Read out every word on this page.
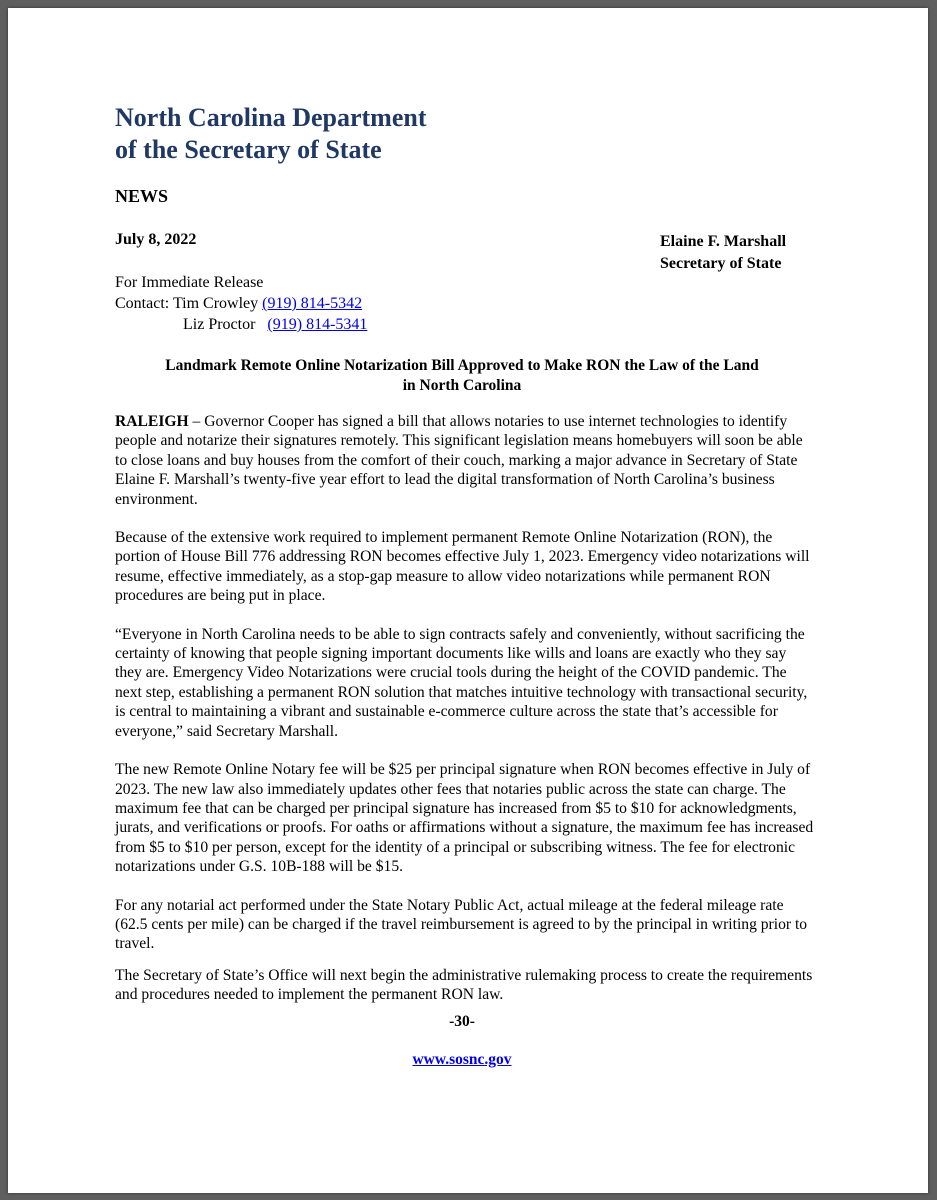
North Carolina Department
of the Secretary of State
NEWS
July 8, 2022	Elaine F. Marshall
Secretary of State
For Immediate Release
Contact: Tim Crowley (919) 814-5342
Liz Proctor (919) 814-5341
Landmark Remote Online Notarization Bill Approved to Make RON the Law of the Land
in North Carolina

RALEIGH – Governor Cooper has signed a bill that allows notaries to use internet technologies to identify people and notarize their signatures remotely. This significant legislation means homebuyers will soon be able to close loans and buy houses from the comfort of their couch, marking a major advance in Secretary of State Elaine F. Marshall’s twenty-five year effort to lead the digital transformation of North Carolina’s business environment.

Because of the extensive work required to implement permanent Remote Online Notarization (RON), the portion of House Bill 776 addressing RON becomes effective July 1, 2023. Emergency video notarizations will resume, effective immediately, as a stop-gap measure to allow video notarizations while permanent RON procedures are being put in place.

“Everyone in North Carolina needs to be able to sign contracts safely and conveniently, without sacrificing the certainty of knowing that people signing important documents like wills and loans are exactly who they say they are. Emergency Video Notarizations were crucial tools during the height of the COVID pandemic. The next step, establishing a permanent RON solution that matches intuitive technology with transactional security, is central to maintaining a vibrant and sustainable e-commerce culture across the state that’s accessible for everyone,” said Secretary Marshall.

The new Remote Online Notary fee will be $25 per principal signature when RON becomes effective in July of 2023. The new law also immediately updates other fees that notaries public across the state can charge. The maximum fee that can be charged per principal signature has increased from $5 to $10 for acknowledgments, jurats, and verifications or proofs. For oaths or affirmations without a signature, the maximum fee has increased from $5 to $10 per person, except for the identity of a principal or subscribing witness. The fee for electronic notarizations under G.S. 10B-188 will be $15.

For any notarial act performed under the State Notary Public Act, actual mileage at the federal mileage rate (62.5 cents per mile) can be charged if the travel reimbursement is agreed to by the principal in writing prior to travel.

The Secretary of State’s Office will next begin the administrative rulemaking process to create the requirements and procedures needed to implement the permanent RON law.

-30-
www.sosnc.gov
